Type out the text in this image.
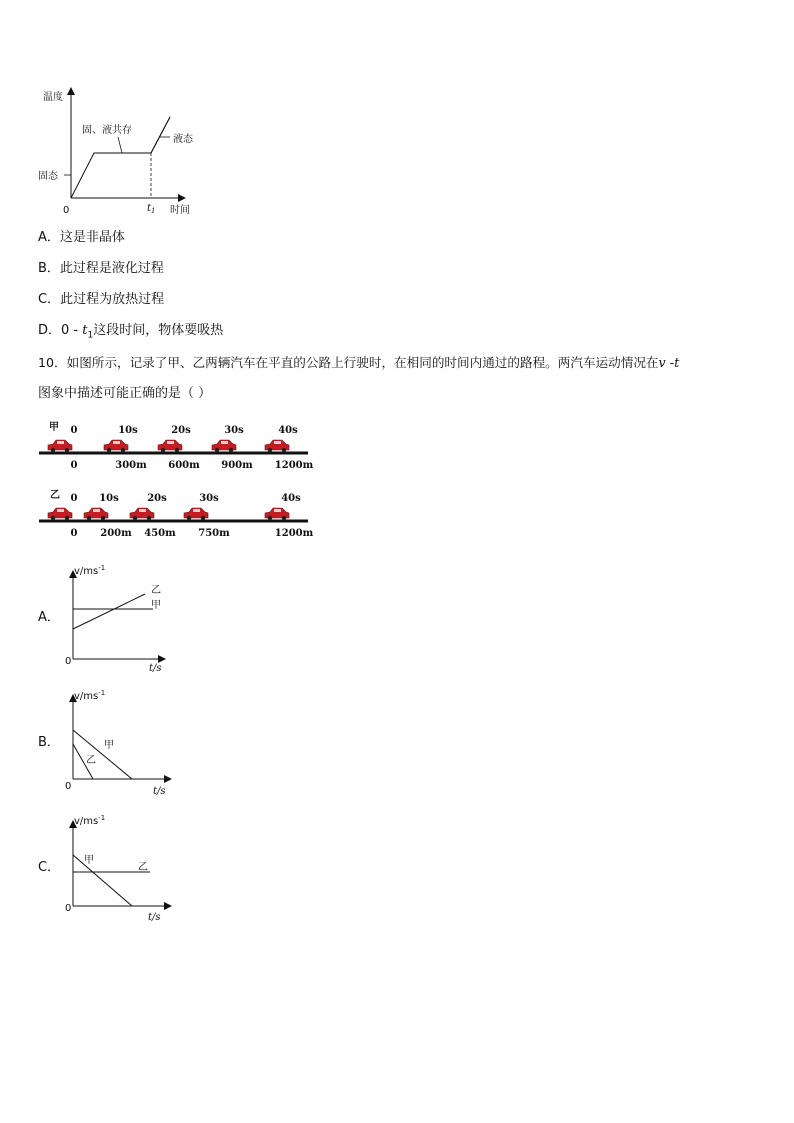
温度
时间
0
固态
固、液共存
液态
$t_1$
A．这是非晶体
B．此过程是液化过程
C．此过程为放热过程
D．$0 - t_1$这段时间，物体要吸热
10．如图所示，记录了甲、乙两辆汽车在平直的公路上行驶时，在相同的时间内通过的路程。两汽车运动情况在v -t
图象中描述可能正确的是（ ）
甲 0	10s	20s	30s	40s
0	300m 600m 900m 1200m
乙 0 10s	20s	30s	40s
0 200m 450m 750m	1200m
A．
$v/ms^{-1}$
0
t/s
乙
甲
B．
$v/ms^{-1}$
0	t/s
甲
乙
C．
$v/ms^{-1}$
0
t/s
甲
乙
